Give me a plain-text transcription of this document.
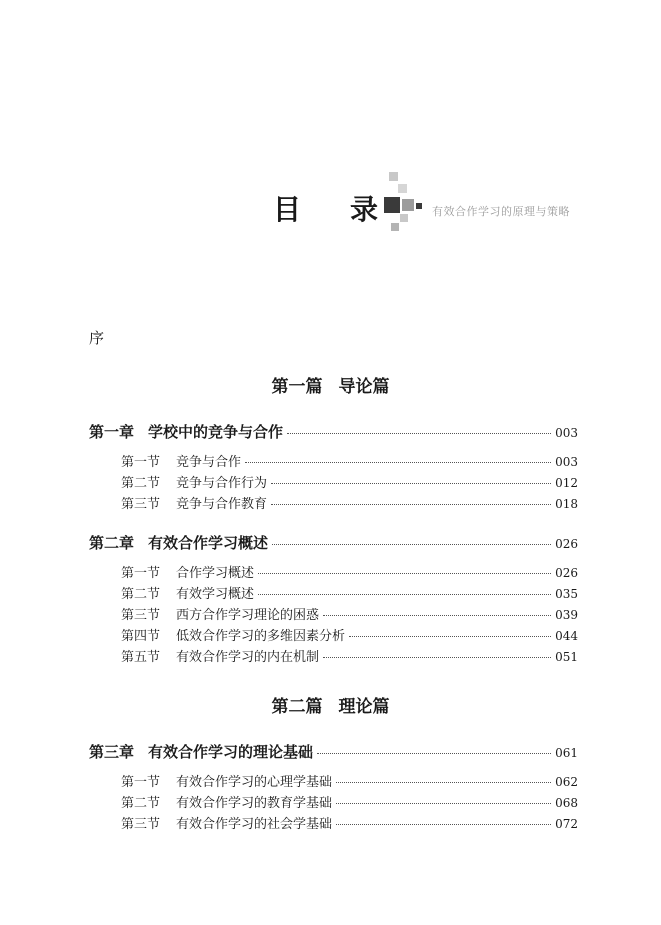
目 录	有效合作学习的原理与策略
序
第一篇 导论篇
第一章 学校中的竞争与合作	003
第一节 竞争与合作	003
第二节 竞争与合作行为	012
第三节 竞争与合作教育	018
第二章 有效合作学习概述	026
第一节 合作学习概述	026
第二节 有效学习概述	035
第三节 西方合作学习理论的困惑	039
第四节 低效合作学习的多维因素分析	044
第五节 有效合作学习的内在机制	051
第二篇 理论篇
第三章 有效合作学习的理论基础	061
第一节 有效合作学习的心理学基础	062
第二节 有效合作学习的教育学基础	068
第三节 有效合作学习的社会学基础	072
